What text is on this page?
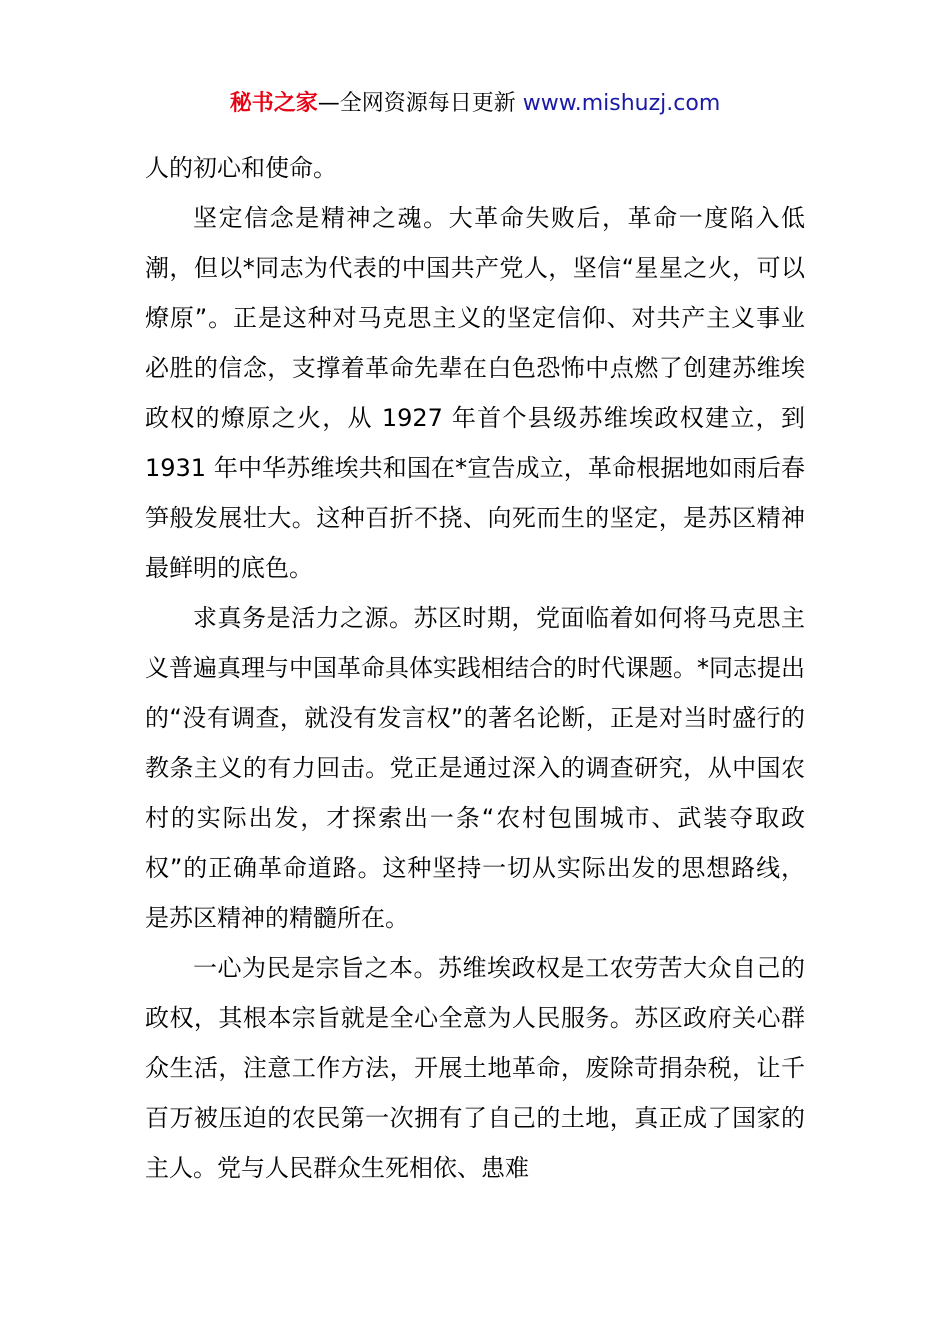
秘书之家—全网资源每日更新 www.mishuzj.com

人的初心和使命。

坚定信念是精神之魂。大革命失败后，革命一度陷入低潮，但以*同志为代表的中国共产党人，坚信“星星之火，可以燎原”。正是这种对马克思主义的坚定信仰、对共产主义事业必胜的信念，支撑着革命先辈在白色恐怖中点燃了创建苏维埃政权的燎原之火，从 1927 年首个县级苏维埃政权建立，到 1931 年中华苏维埃共和国在*宣告成立，革命根据地如雨后春笋般发展壮大。这种百折不挠、向死而生的坚定，是苏区精神最鲜明的底色。

求真务是活力之源。苏区时期，党面临着如何将马克思主义普遍真理与中国革命具体实践相结合的时代课题。*同志提出的“没有调查，就没有发言权”的著名论断，正是对当时盛行的教条主义的有力回击。党正是通过深入的调查研究，从中国农村的实际出发，才探索出一条“农村包围城市、武装夺取政权”的正确革命道路。这种坚持一切从实际出发的思想路线，是苏区精神的精髓所在。

一心为民是宗旨之本。苏维埃政权是工农劳苦大众自己的政权，其根本宗旨就是全心全意为人民服务。苏区政府关心群众生活，注意工作方法，开展土地革命，废除苛捐杂税，让千百万被压迫的农民第一次拥有了自己的土地，真正成了国家的主人。党与人民群众生死相依、患难
